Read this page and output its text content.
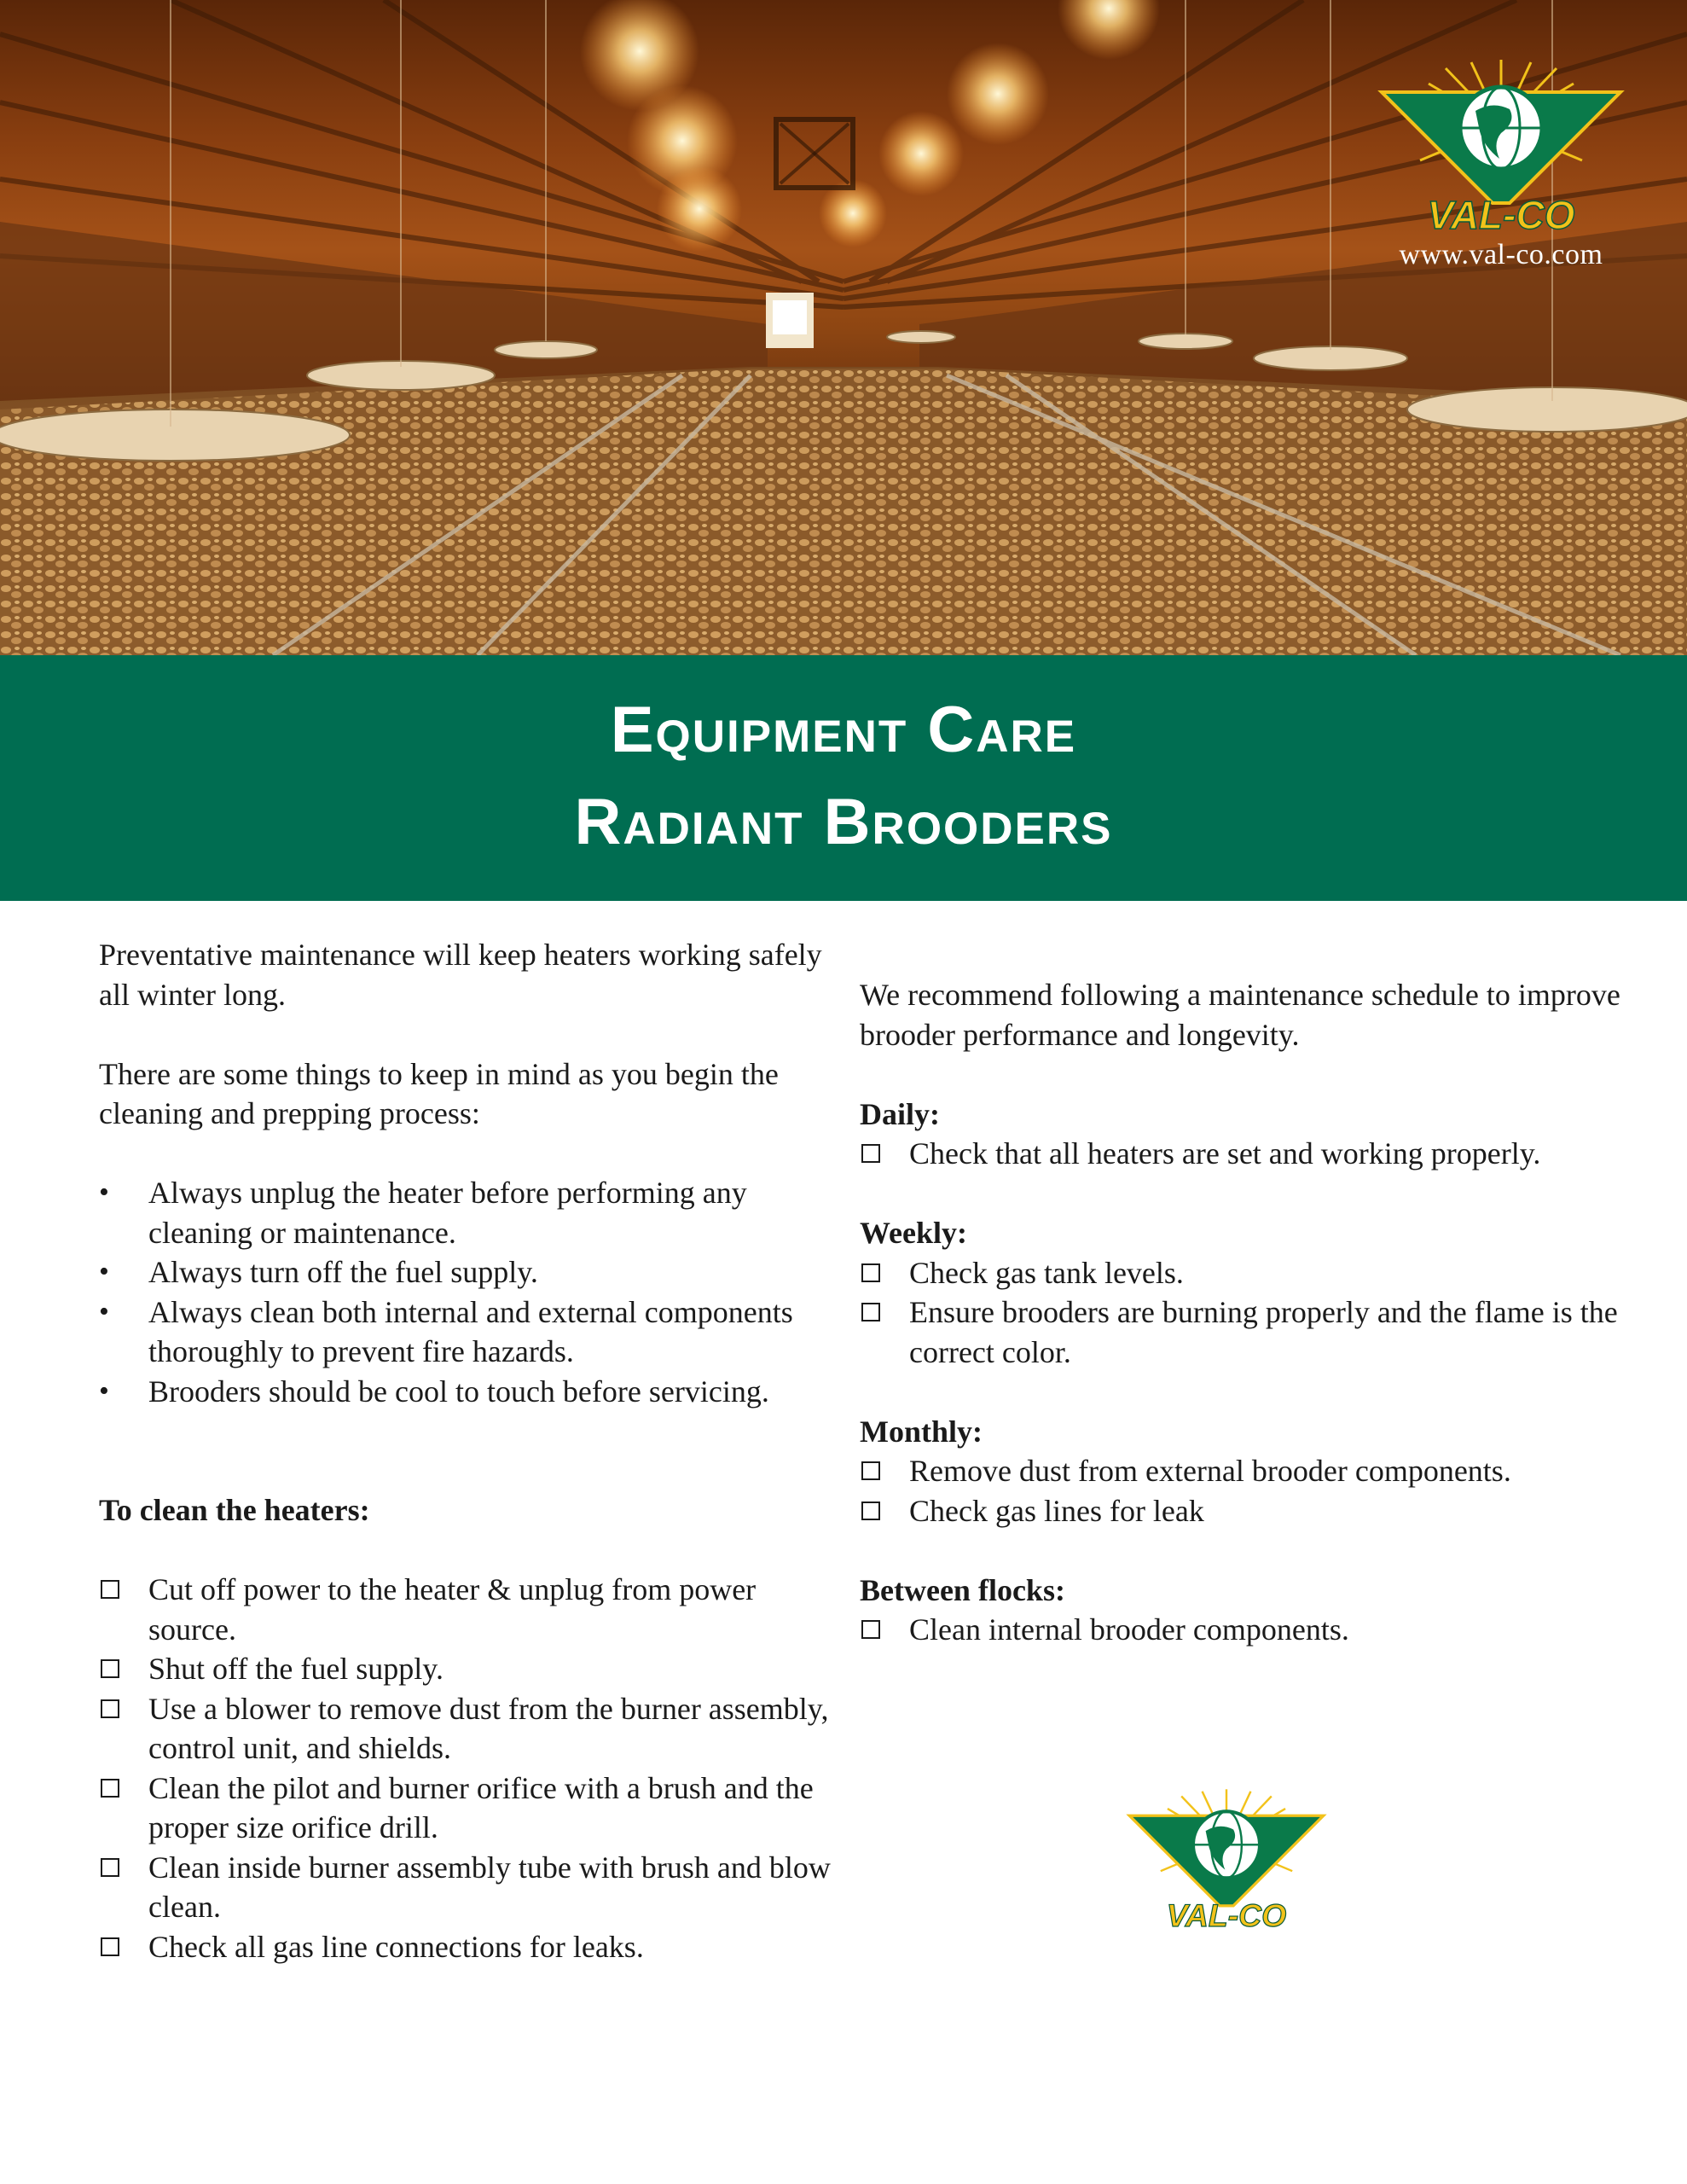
VAL-CO
www.val-co.com
Equipment Care
Radiant Brooders

Preventative maintenance will keep heaters working safely all winter long.

There are some things to keep in mind as you begin the cleaning and prepping process:

• Always unplug the heater before performing any cleaning or maintenance.
• Always turn off the fuel supply.
• Always clean both internal and external components thoroughly to prevent fire hazards.
• Brooders should be cool to touch before servicing.

To clean the heaters:

Cut off power to the heater & unplug from power source.
Shut off the fuel supply.
Use a blower to remove dust from the burner assembly, control unit, and shields.
Clean the pilot and burner orifice with a brush and the proper size orifice drill.
Clean inside burner assembly tube with brush and blow clean.
Check all gas line connections for leaks.

We recommend following a maintenance schedule to improve brooder performance and longevity.

Daily:

Check that all heaters are set and working properly.

Weekly:

Check gas tank levels.
Ensure brooders are burning properly and the flame is the correct color.

Monthly:

Remove dust from external brooder components.
Check gas lines for leak

Between flocks:

Clean internal brooder components.
VAL-CO
